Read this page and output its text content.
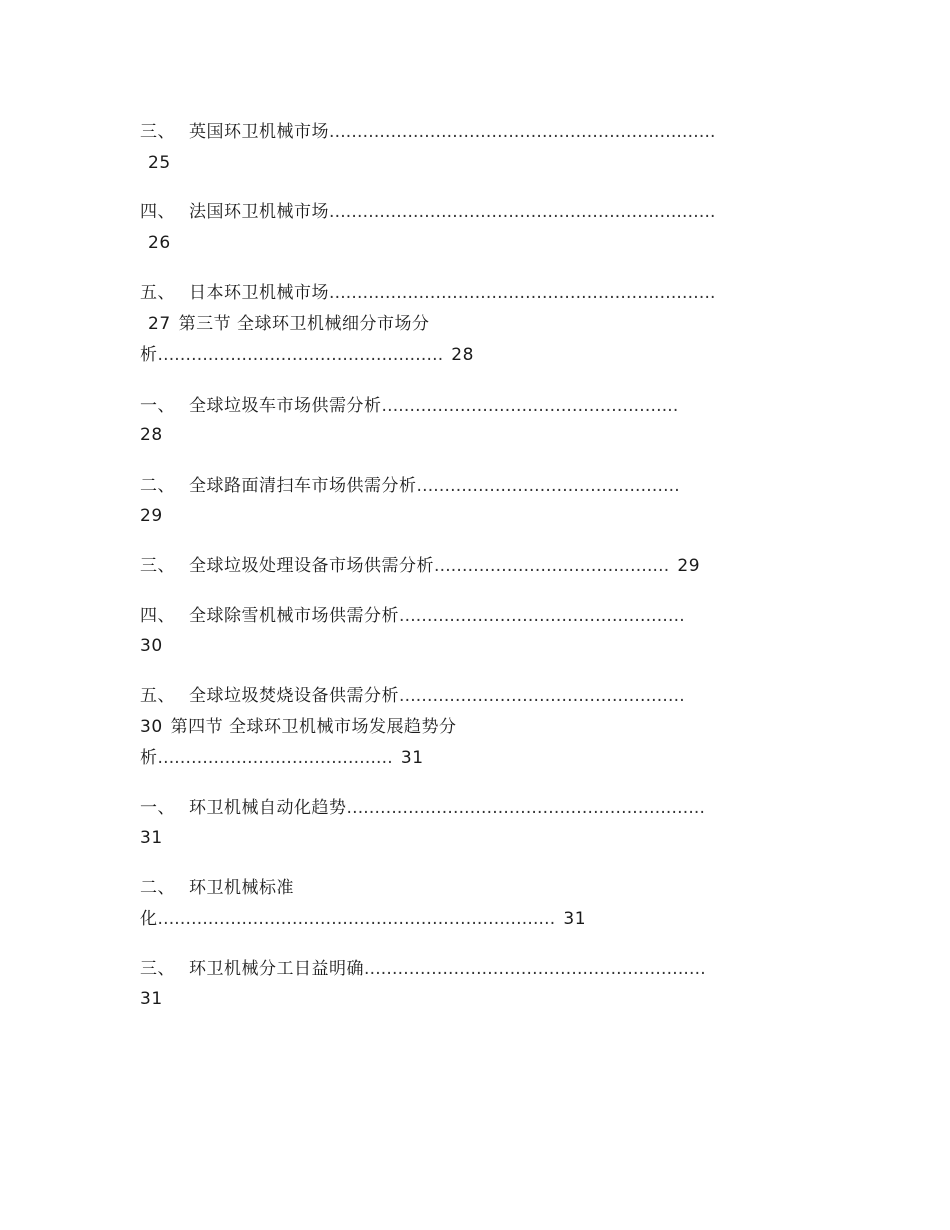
三、 英国环卫机械市场.....................................................................

25

四、 法国环卫机械市场.....................................................................

26

五、 日本环卫机械市场.....................................................................

27 第三节 全球环卫机械细分市场分

析................................................... 28

一、 全球垃圾车市场供需分析.....................................................

28

二、 全球路面清扫车市场供需分析...............................................

29

三、 全球垃圾处理设备市场供需分析.......................................... 29

四、 全球除雪机械市场供需分析...................................................

30

五、 全球垃圾焚烧设备供需分析...................................................

30 第四节 全球环卫机械市场发展趋势分

析.......................................... 31

一、 环卫机械自动化趋势................................................................

31

二、 环卫机械标准

化....................................................................... 31

三、 环卫机械分工日益明确.............................................................

31
